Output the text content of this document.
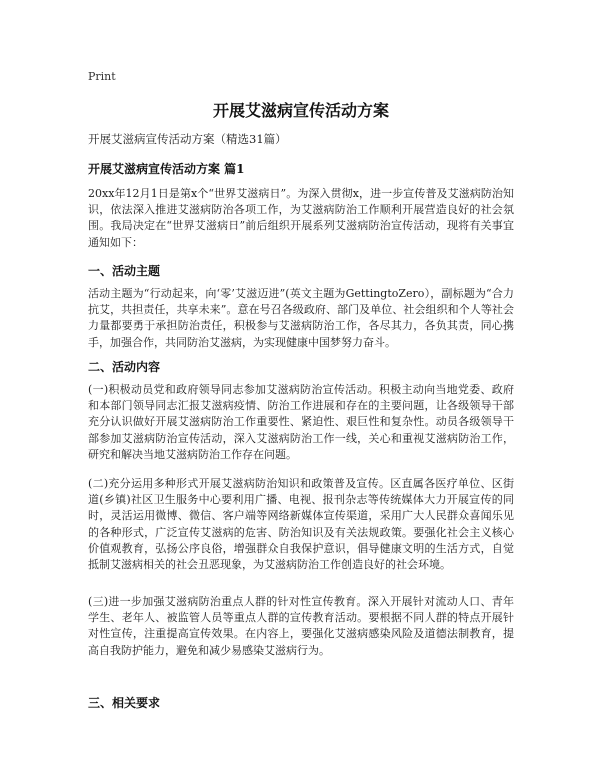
Print
开展艾滋病宣传活动方案
开展艾滋病宣传活动方案（精选31篇）
开展艾滋病宣传活动方案 篇1

20xx年12月1日是第x个“世界艾滋病日”。为深入贯彻x，进一步宣传普及艾滋病防治知识，依法深入推进艾滋病防治各项工作，为艾滋病防治工作顺利开展营造良好的社会氛围。我局决定在“世界艾滋病日”前后组织开展系列艾滋病防治宣传活动，现将有关事宜通知如下：

一、活动主题

活动主题为“行动起来，向‘零’艾滋迈进”(英文主题为GettingtoZero），副标题为“合力抗艾，共担责任，共享未来”。意在号召各级政府、部门及单位、社会组织和个人等社会力量都要勇于承担防治责任，积极参与艾滋病防治工作，各尽其力，各负其责，同心携手，加强合作，共同防治艾滋病，为实现健康中国梦努力奋斗。

二、活动内容

(一)积极动员党和政府领导同志参加艾滋病防治宣传活动。积极主动向当地党委、政府和本部门领导同志汇报艾滋病疫情、防治工作进展和存在的主要问题，让各级领导干部充分认识做好开展艾滋病防治工作重要性、紧迫性、艰巨性和复杂性。动员各级领导干部参加艾滋病防治宣传活动，深入艾滋病防治工作一线，关心和重视艾滋病防治工作，研究和解决当地艾滋病防治工作存在问题。

(二)充分运用多种形式开展艾滋病防治知识和政策普及宣传。区直属各医疗单位、区街道(乡镇)社区卫生服务中心要利用广播、电视、报刊杂志等传统媒体大力开展宣传的同时，灵活运用微博、微信、客户端等网络新媒体宣传渠道，采用广大人民群众喜闻乐见的各种形式，广泛宣传艾滋病的危害、防治知识及有关法规政策。要强化社会主义核心价值观教育，弘扬公序良俗，增强群众自我保护意识，倡导健康文明的生活方式，自觉抵制艾滋病相关的社会丑恶现象，为艾滋病防治工作创造良好的社会环境。

(三)进一步加强艾滋病防治重点人群的针对性宣传教育。深入开展针对流动人口、青年学生、老年人、被监管人员等重点人群的宣传教育活动。要根据不同人群的特点开展针对性宣传，注重提高宣传效果。在内容上，要强化艾滋病感染风险及道德法制教育，提高自我防护能力，避免和减少易感染艾滋病行为。

三、相关要求
